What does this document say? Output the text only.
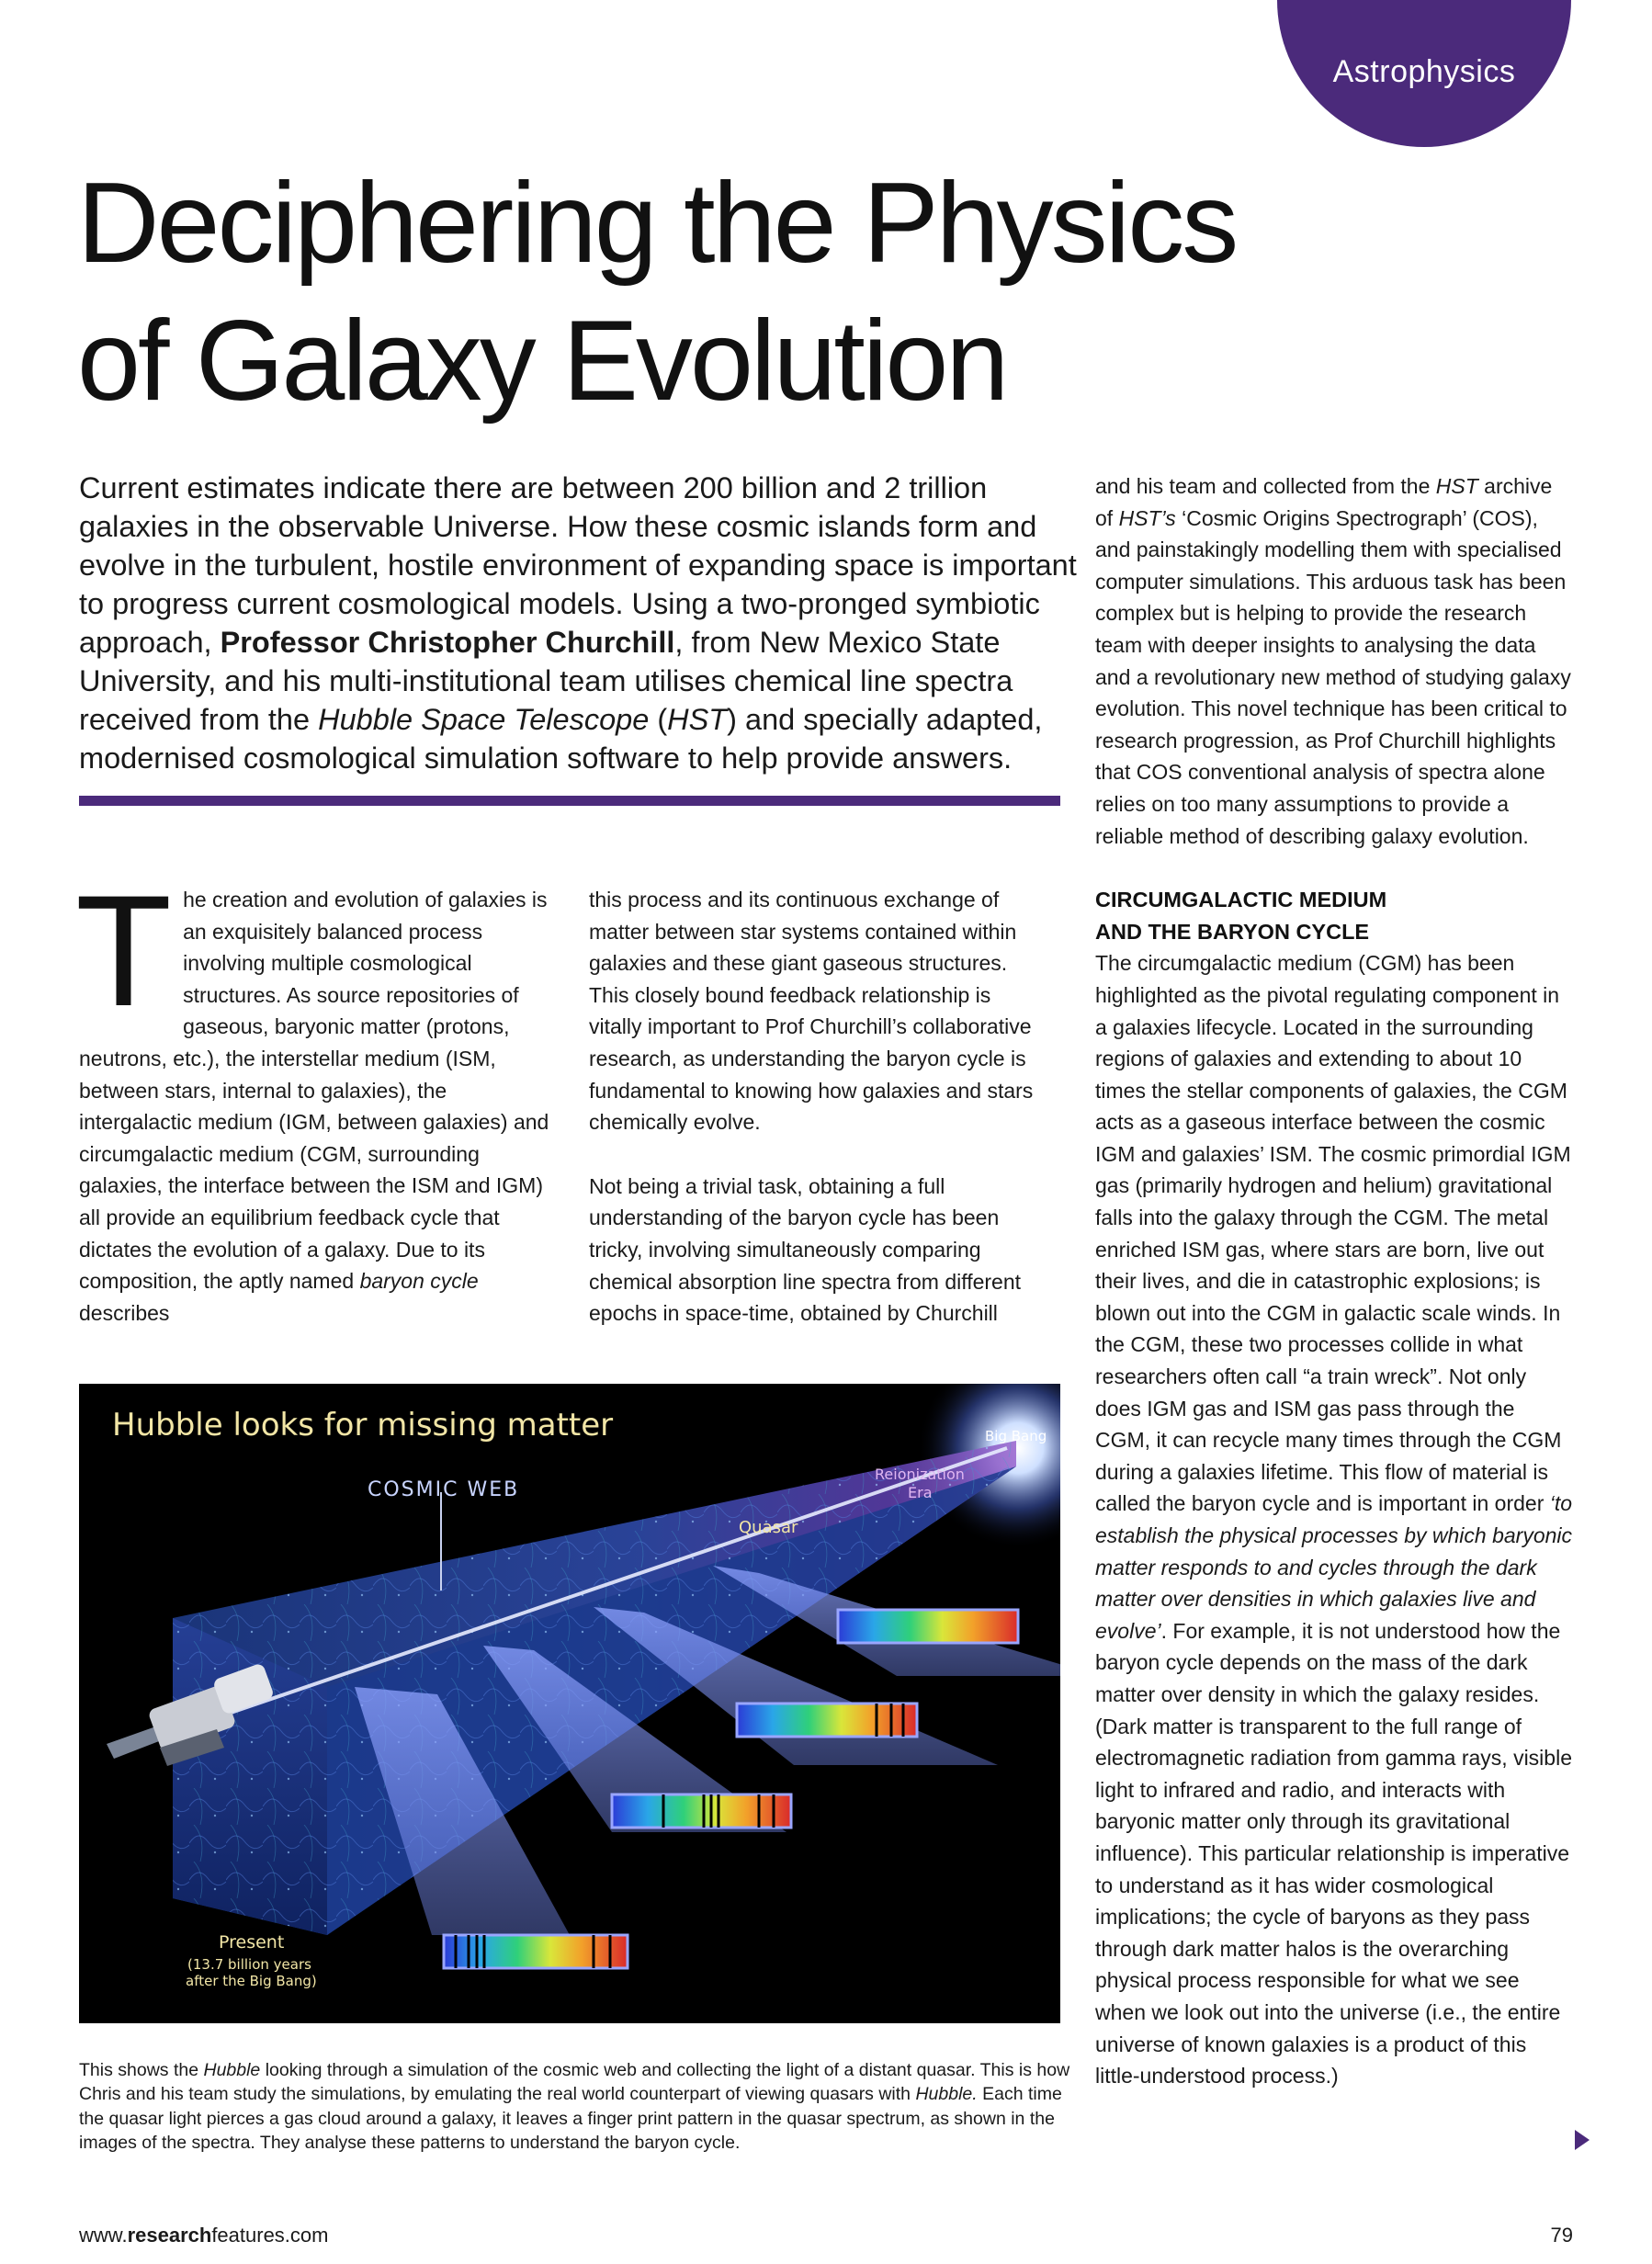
Astrophysics
Deciphering the Physics
of Galaxy Evolution

Current estimates indicate there are between 200 billion and 2 trillion galaxies in the observable Universe. How these cosmic islands form and evolve in the turbulent, hostile environment of expanding space is important to progress current cosmological models. Using a two-pronged symbiotic approach, Professor Christopher Churchill, from New Mexico State University, and his multi-institutional team utilises chemical line spectra received from the Hubble Space Telescope (HST) and specially adapted, modernised cosmological simulation software to help provide answers.

The creation and evolution of galaxies is an exquisitely balanced process involving multiple cosmological structures. As source repositories of gaseous, baryonic matter (protons, neutrons, etc.), the interstellar medium (ISM, between stars, internal to galaxies), the intergalactic medium (IGM, between galaxies) and circumgalactic medium (CGM, surrounding galaxies, the interface between the ISM and IGM) all provide an equilibrium feedback cycle that dictates the evolution of a galaxy. Due to its composition, the aptly named baryon cycle describes

this process and its continuous exchange of matter between star systems contained within galaxies and these giant gaseous structures. This closely bound feedback relationship is vitally important to Prof Churchill’s collaborative research, as understanding the baryon cycle is fundamental to knowing how galaxies and stars chemically evolve.

Not being a trivial task, obtaining a full understanding of the baryon cycle has been tricky, involving simultaneously comparing chemical absorption line spectra from different epochs in space-time, obtained by Churchill

and his team and collected from the HST archive of HST’s ‘Cosmic Origins Spectrograph’ (COS), and painstakingly modelling them with specialised computer simulations. This arduous task has been complex but is helping to provide the research team with deeper insights to analysing the data and a revolutionary new method of studying galaxy evolution. This novel technique has been critical to research progression, as Prof Churchill highlights that COS conventional analysis of spectra alone relies on too many assumptions to provide a reliable method of describing galaxy evolution.

CIRCUMGALACTIC MEDIUM
AND THE BARYON CYCLE

The circumgalactic medium (CGM) has been highlighted as the pivotal regulating component in a galaxies lifecycle. Located in the surrounding regions of galaxies and extending to about 10 times the stellar components of galaxies, the CGM acts as a gaseous interface between the cosmic IGM and galaxies’ ISM. The cosmic primordial IGM gas (primarily hydrogen and helium) gravitational falls into the galaxy through the CGM. The metal enriched ISM gas, where stars are born, live out their lives, and die in catastrophic explosions; is blown out into the CGM in galactic scale winds. In the CGM, these two processes collide in what researchers often call “a train wreck”. Not only does IGM gas and ISM gas pass through the CGM, it can recycle many times through the CGM during a galaxies lifetime. This flow of material is called the baryon cycle and is important in order ‘to establish the physical processes by which baryonic matter responds to and cycles through the dark matter over densities in which galaxies live and evolve’. For example, it is not understood how the baryon cycle depends on the mass of the dark matter over density in which the galaxy resides. (Dark matter is transparent to the full range of electromagnetic radiation from gamma rays, visible light to infrared and radio, and interacts with baryonic matter only through its gravitational influence). This particular relationship is imperative to understand as it has wider cosmological implications; the cycle of baryons as they pass through dark matter halos is the overarching physical process responsible for what we see when we look out into the universe (i.e., the entire universe of known galaxies is a product of this little-understood process.)

Hubble looks for missing matter
COSMIC WEB
Big Bang
Reionization
Era
Quasar
Present
(13.7 billion years
after the Big Bang)

This shows the Hubble looking through a simulation of the cosmic web and collecting the light of a distant quasar. This is how Chris and his team study the simulations, by emulating the real world counterpart of viewing quasars with Hubble. Each time the quasar light pierces a gas cloud around a galaxy, it leaves a finger print pattern in the quasar spectrum, as shown in the images of the spectra. They analyse these patterns to understand the baryon cycle.

www.researchfeatures.com	79
